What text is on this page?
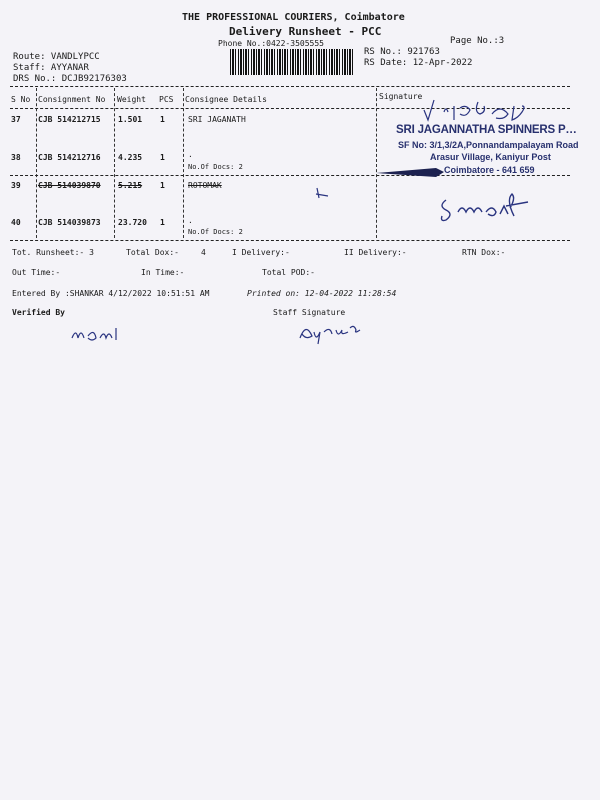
THE PROFESSIONAL COURIERS, Coimbatore
Delivery Runsheet - PCC
Phone No.:0422-3505555	Page No.:3
Route: VANDLYPCC
Staff: AYYANAR
DRS No.: DCJB92176303
RS No.: 921763
RS Date: 12-Apr-2022
S No Consignment No Weight PCS Consignee Details	Signature
37 CJB 514212715 1.501 1	SRI JAGANATH
38 CJB 514212716 4.235 1	.
No.Of Docs: 2
39 CJB 514039870 5.215 1	ROTOMAK
40 CJB 514039873 23.720 1	.
No.Of Docs: 2
SRI JAGANNATHA SPINNERS P…
SF No: 3/1,3/2A,Ponnandampalayam Road
Arasur Village, Kaniyur Post
Coimbatore - 641 659
Tot. Runsheet:- 3	Total Dox:-	4	I Delivery:-	II Delivery:-	RTN Dox:-
Out Time:-	In Time:-	Total POD:-
Entered By :SHANKAR 4/12/2022 10:51:51 AM	Printed on: 12-04-2022 11:28:54
Verified By	Staff Signature
